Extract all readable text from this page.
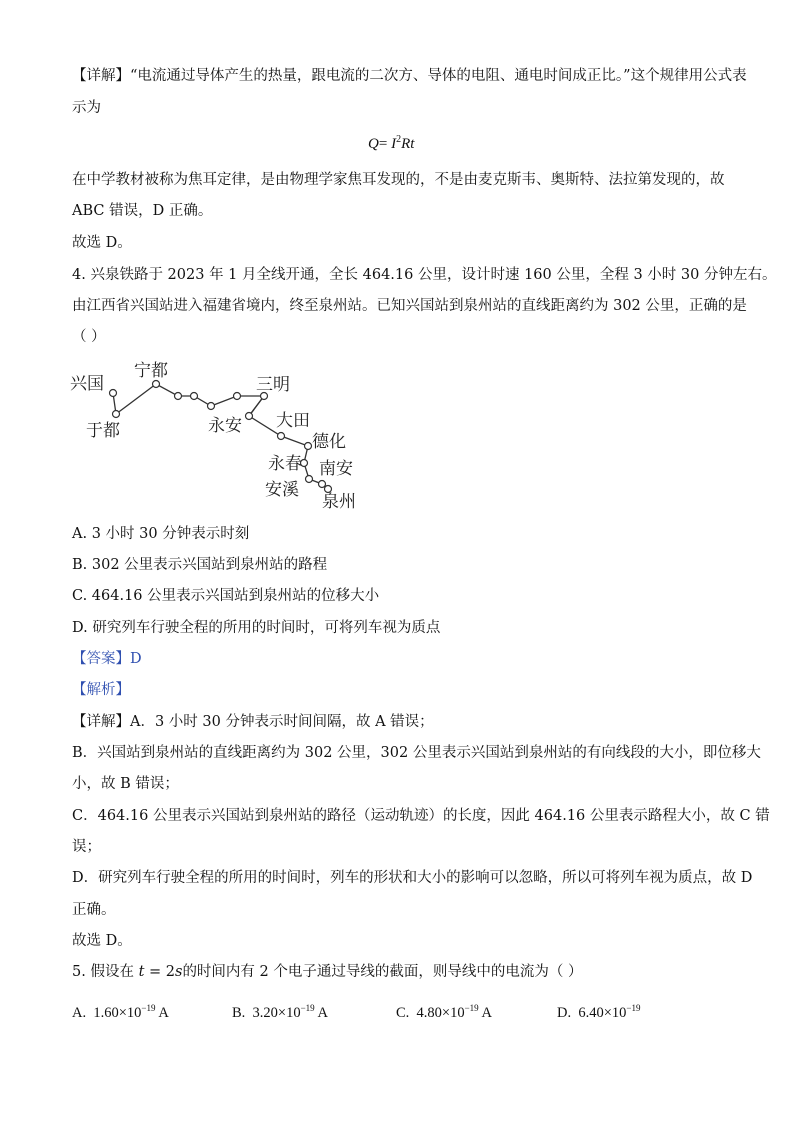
【详解】“电流通过导体产生的热量，跟电流的二次方、导体的电阻、通电时间成正比。”这个规律用公式表
示为
$Q= I^2Rt$
在中学教材被称为焦耳定律，是由物理学家焦耳发现的，不是由麦克斯韦、奥斯特、法拉第发现的，故
ABC 错误，D 正确。
故选 D。
4. 兴泉铁路于 2023 年 1 月全线开通，全长 464.16 公里，设计时速 160 公里，全程 3 小时 30 分钟左右。
由江西省兴国站进入福建省境内，终至泉州站。已知兴国站到泉州站的直线距离约为 302 公里，正确的是
（ ）
兴国
于都
宁都
三明
永安 大田
德化
永春 南安
安溪
泉州
A. 3 小时 30 分钟表示时刻
B. 302 公里表示兴国站到泉州站的路程
C. 464.16 公里表示兴国站到泉州站的位移大小
D. 研究列车行驶全程的所用的时间时，可将列车视为质点
【答案】D
【解析】
【详解】A．3 小时 30 分钟表示时间间隔，故 A 错误；
B．兴国站到泉州站的直线距离约为 302 公里，302 公里表示兴国站到泉州站的有向线段的大小，即位移大
小，故 B 错误；
C．464.16 公里表示兴国站到泉州站的路径（运动轨迹）的长度，因此 464.16 公里表示路程大小，故 C 错
误；
D．研究列车行驶全程的所用的时间时，列车的形状和大小的影响可以忽略，所以可将列车视为质点，故 D
正确。
故选 D。
5. 假设在 t = 2s的时间内有 2 个电子通过导线的截面，则导线中的电流为（ ）
A. $1.60\times 10^{-19}$ A	B. $3.20\times 10^{-19}$ A	C. $4.80\times 10^{-19}$ A	D. $6.40\times 10^{-19}$
